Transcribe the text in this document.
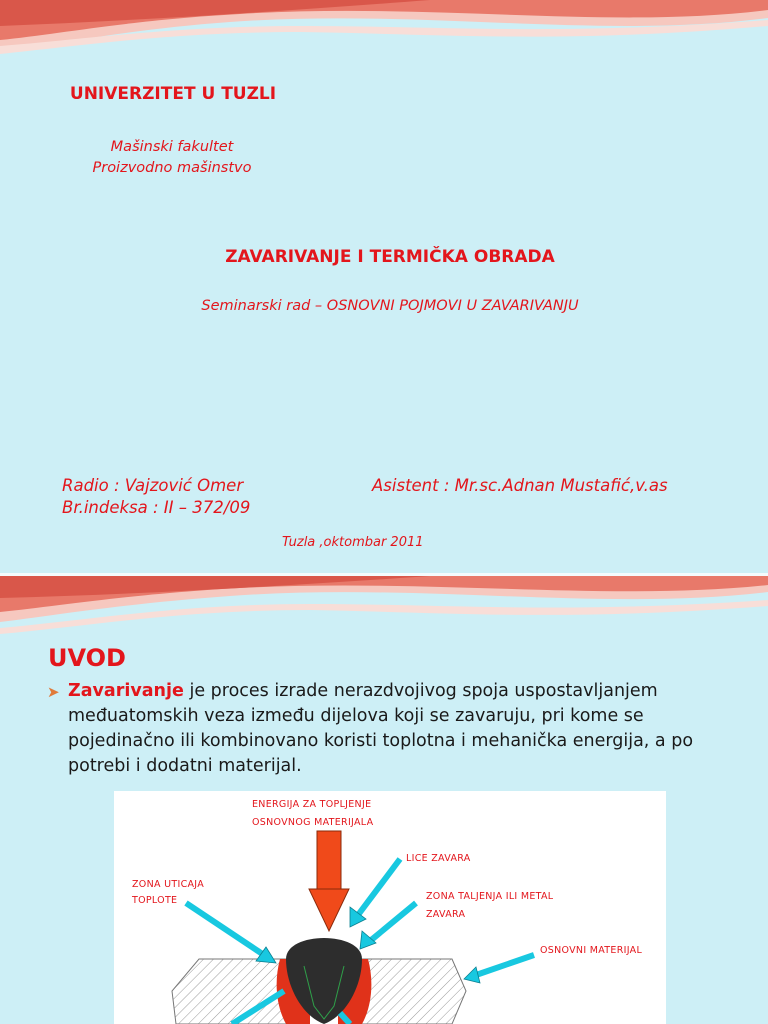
UNIVERZITET U TUZLI

Mašinski fakultet
Proizvodno mašinstvo

ZAVARIVANJE I TERMIČKA OBRADA

Seminarski rad – OSNOVNI POJMOVI U ZAVARIVANJU

Radio : Vajzović Omer
Br.indeksa : II – 372/09

Asistent : Mr.sc.Adnan Mustafić,v.as

Tuzla ,oktombar 2011

UVOD

➤ Zavarivanje je proces izrade nerazdvojivog spoja uspostavljanjem međuatomskih veza između dijelova koji se zavaruju, pri kome se pojedinačno ili kombinovano koristi toplotna i mehanička energija, a po potrebi i dodatni materijal.

ENERGIJA ZA TOPLJENJE
OSNOVNOG MATERIJALA
LICE ZAVARA
ZONA UTICAJA
TOPLOTE	ZONA TALJENJA ILI METAL
ZAVARA
OSNOVNI MATERIJAL
